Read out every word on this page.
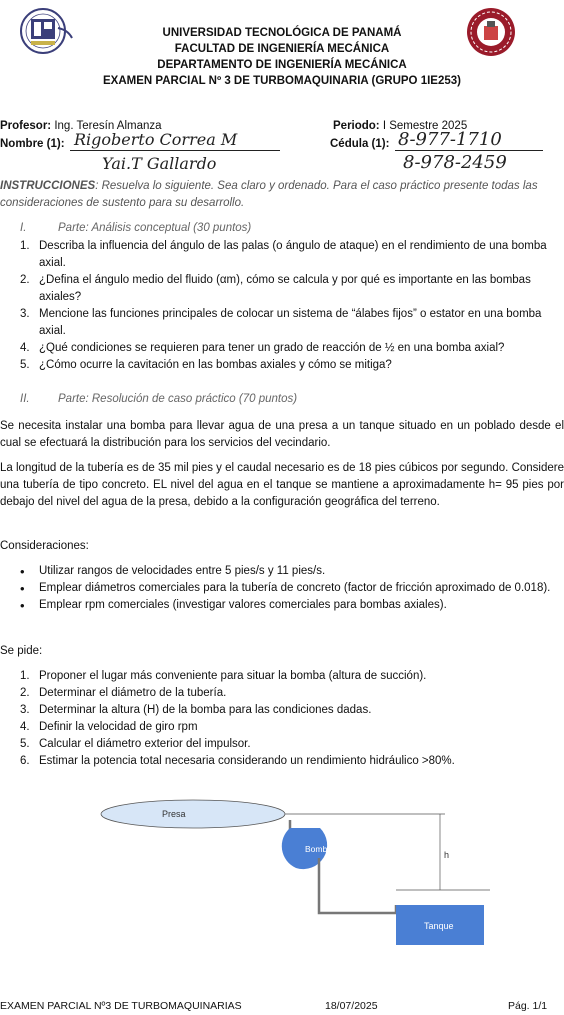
UNIVERSIDAD TECNOLÓGICA DE PANAMÁ
FACULTAD DE INGENIERÍA MECÁNICA
DEPARTAMENTO DE INGENIERÍA MECÁNICA
EXAMEN PARCIAL Nº 3 DE TURBOMAQUINARIA (GRUPO 1IE253)
Profesor: Ing. Teresín Almanza	Periodo: I Semestre 2025
Nombre (1): Rigoberto Correa M
Yai.T Gallardo
Cédula (1): 8-977-1710
8-978-2459
INSTRUCCIONES: Resuelva lo siguiente. Sea claro y ordenado. Para el caso práctico presente todas las consideraciones de sustento para su desarrollo.
I.	Parte: Análisis conceptual (30 puntos)
1. Describa la influencia del ángulo de las palas (o ángulo de ataque) en el rendimiento de una bomba axial.
2. ¿Defina el ángulo medio del fluido (αm), cómo se calcula y por qué es importante en las bombas axiales?
3. Mencione las funciones principales de colocar un sistema de “álabes fijos” o estator en una bomba axial.
4. ¿Qué condiciones se requieren para tener un grado de reacción de ½ en una bomba axial?
5. ¿Cómo ocurre la cavitación en las bombas axiales y cómo se mitiga?
II. Parte: Resolución de caso práctico (70 puntos)
Se necesita instalar una bomba para llevar agua de una presa a un tanque situado en un poblado desde el cual se efectuará la distribución para los servicios del vecindario.
La longitud de la tubería es de 35 mil pies y el caudal necesario es de 18 pies cúbicos por segundo. Considere una tubería de tipo concreto. EL nivel del agua en el tanque se mantiene a aproximadamente h= 95 pies por debajo del nivel del agua de la presa, debido a la configuración geográfica del terreno.
Consideraciones:
• Utilizar rangos de velocidades entre 5 pies/s y 11 pies/s.
• Emplear diámetros comerciales para la tubería de concreto (factor de fricción aproximado de 0.018).
• Emplear rpm comerciales (investigar valores comerciales para bombas axiales).
Se pide:
1. Proponer el lugar más conveniente para situar la bomba (altura de succión).
2. Determinar el diámetro de la tubería.
3. Determinar la altura (H) de la bomba para las condiciones dadas.
4. Definir la velocidad de giro rpm
5. Calcular el diámetro exterior del impulsor.
6. Estimar la potencia total necesaria considerando un rendimiento hidráulico >80%.
Presa
Bomba
h
Tanque
EXAMEN PARCIAL Nº3 DE TURBOMAQUINARIAS	18/07/2025	Pág. 1/1
